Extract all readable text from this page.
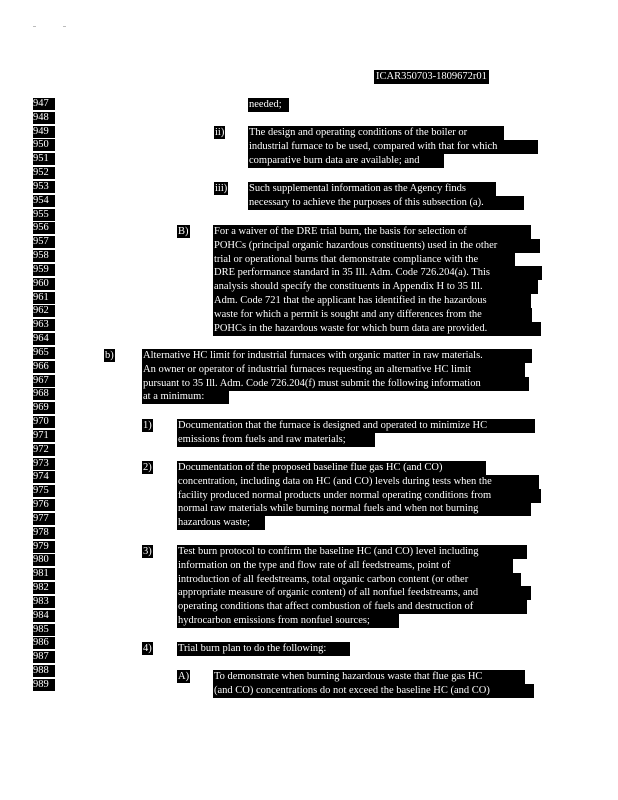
ICAR350703-1809672r01
947
948
949
950
951
952
953
954
955
956
957
958
959
960
961
962
963
964
965
966
967
968
969
970
971
972
973
974
975
976
977
978
979
980
981
982
983
984
985
986
987
988
989
ii)
iii)
B)
b)
1)
2)
3)
4)
A)
needed;
The design and operating conditions of the boiler or
industrial furnace to be used, compared with that for which
comparative burn data are available; and
Such supplemental information as the Agency finds
necessary to achieve the purposes of this subsection (a).
For a waiver of the DRE trial burn, the basis for selection of
POHCs (principal organic hazardous constituents) used in the other
trial or operational burns that demonstrate compliance with the
DRE performance standard in 35 Ill. Adm. Code 726.204(a). This
analysis should specify the constituents in Appendix H to 35 Ill.
Adm. Code 721 that the applicant has identified in the hazardous
waste for which a permit is sought and any differences from the
POHCs in the hazardous waste for which burn data are provided.
Alternative HC limit for industrial furnaces with organic matter in raw materials.
An owner or operator of industrial furnaces requesting an alternative HC limit
pursuant to 35 Ill. Adm. Code 726.204(f) must submit the following information
at a minimum:
Documentation that the furnace is designed and operated to minimize HC
emissions from fuels and raw materials;
Documentation of the proposed baseline flue gas HC (and CO)
concentration, including data on HC (and CO) levels during tests when the
facility produced normal products under normal operating conditions from
normal raw materials while burning normal fuels and when not burning
hazardous waste;
Test burn protocol to confirm the baseline HC (and CO) level including
information on the type and flow rate of all feedstreams, point of
introduction of all feedstreams, total organic carbon content (or other
appropriate measure of organic content) of all nonfuel feedstreams, and
operating conditions that affect combustion of fuels and destruction of
hydrocarbon emissions from nonfuel sources;
Trial burn plan to do the following:
To demonstrate when burning hazardous waste that flue gas HC
(and CO) concentrations do not exceed the baseline HC (and CO)
